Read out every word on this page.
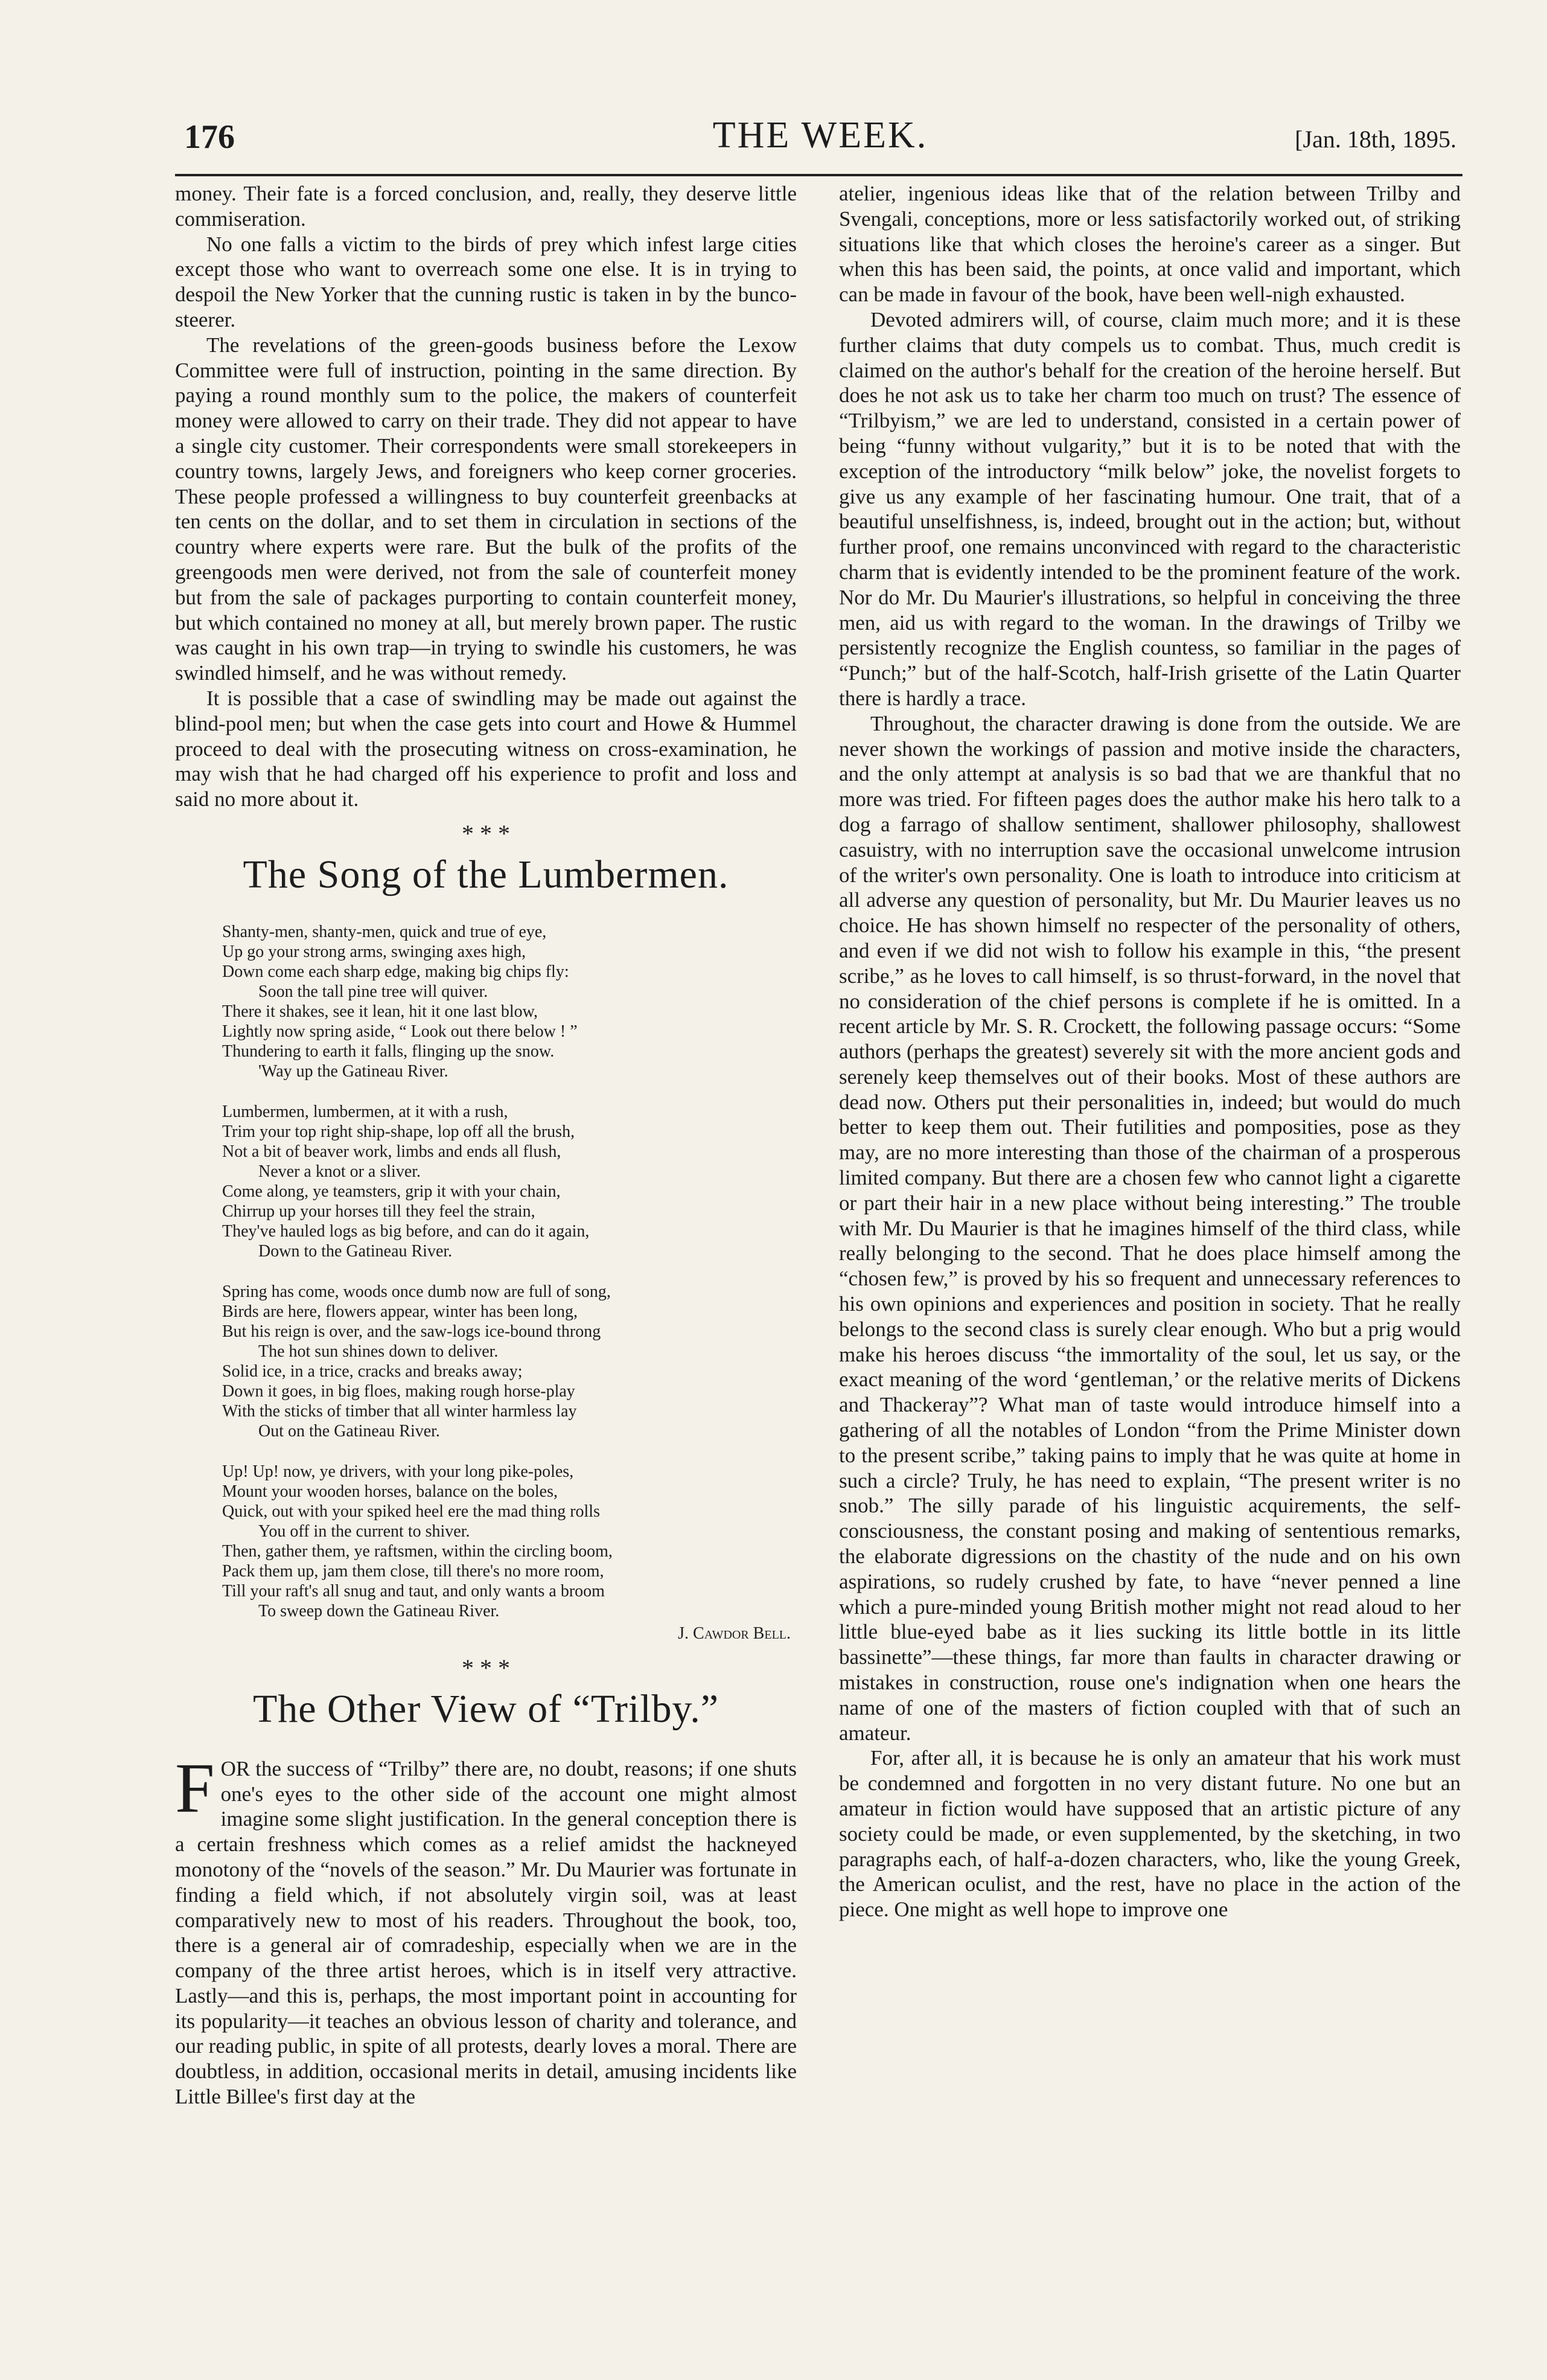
176	THE WEEK.	[Jan. 18th, 1895.

money. Their fate is a forced conclusion, and, really, they deserve little commiseration.

No one falls a victim to the birds of prey which infest large cities except those who want to overreach some one else. It is in trying to despoil the New Yorker that the cunning rustic is taken in by the bunco-steerer.

The revelations of the green-goods business before the Lexow Committee were full of instruction, pointing in the same direction. By paying a round monthly sum to the police, the makers of counterfeit money were allowed to carry on their trade. They did not appear to have a single city customer. Their correspondents were small storekeepers in country towns, largely Jews, and foreigners who keep corner groceries. These people professed a willingness to buy counterfeit greenbacks at ten cents on the dollar, and to set them in circulation in sections of the country where experts were rare. But the bulk of the profits of the greengoods men were derived, not from the sale of counterfeit money but from the sale of packages purporting to contain counterfeit money, but which contained no money at all, but merely brown paper. The rustic was caught in his own trap—in trying to swindle his customers, he was swindled himself, and he was without remedy.

It is possible that a case of swindling may be made out against the blind-pool men; but when the case gets into court and Howe & Hummel proceed to deal with the prosecuting witness on cross-examination, he may wish that he had charged off his experience to profit and loss and said no more about it.

* * *
The Song of the Lumbermen.
Shanty-men, shanty-men, quick and true of eye,
Up go your strong arms, swinging axes high,
Down come each sharp edge, making big chips fly:
Soon the tall pine tree will quiver.
There it shakes, see it lean, hit it one last blow,
Lightly now spring aside, “ Look out there below ! ”
Thundering to earth it falls, flinging up the snow.
'Way up the Gatineau River.
Lumbermen, lumbermen, at it with a rush,
Trim your top right ship-shape, lop off all the brush,
Not a bit of beaver work, limbs and ends all flush,
Never a knot or a sliver.
Come along, ye teamsters, grip it with your chain,
Chirrup up your horses till they feel the strain,
They've hauled logs as big before, and can do it again,
Down to the Gatineau River.
Spring has come, woods once dumb now are full of song,
Birds are here, flowers appear, winter has been long,
But his reign is over, and the saw-logs ice-bound throng
The hot sun shines down to deliver.
Solid ice, in a trice, cracks and breaks away;
Down it goes, in big floes, making rough horse-play
With the sticks of timber that all winter harmless lay
Out on the Gatineau River.
Up! Up! now, ye drivers, with your long pike-poles,
Mount your wooden horses, balance on the boles,
Quick, out with your spiked heel ere the mad thing rolls
You off in the current to shiver.
Then, gather them, ye raftsmen, within the circling boom,
Pack them up, jam them close, till there's no more room,
Till your raft's all snug and taut, and only wants a broom
To sweep down the Gatineau River.
J. Cawdor Bell.
* * *
The Other View of “Trilby.”

FOR the success of “Trilby” there are, no doubt, reasons; if one shuts one's eyes to the other side of the account one might almost imagine some slight justification. In the general conception there is a certain freshness which comes as a relief amidst the hackneyed monotony of the “novels of the season.” Mr. Du Maurier was fortunate in finding a field which, if not absolutely virgin soil, was at least comparatively new to most of his readers. Throughout the book, too, there is a general air of comradeship, especially when we are in the company of the three artist heroes, which is in itself very attractive. Lastly—and this is, perhaps, the most important point in accounting for its popularity—it teaches an obvious lesson of charity and tolerance, and our reading public, in spite of all protests, dearly loves a moral. There are doubtless, in addition, occasional merits in detail, amusing incidents like Little Billee's first day at the

atelier, ingenious ideas like that of the relation between Trilby and Svengali, conceptions, more or less satisfactorily worked out, of striking situations like that which closes the heroine's career as a singer. But when this has been said, the points, at once valid and important, which can be made in favour of the book, have been well-nigh exhausted.

Devoted admirers will, of course, claim much more; and it is these further claims that duty compels us to combat. Thus, much credit is claimed on the author's behalf for the creation of the heroine herself. But does he not ask us to take her charm too much on trust? The essence of “Trilbyism,” we are led to understand, consisted in a certain power of being “funny without vulgarity,” but it is to be noted that with the exception of the introductory “milk below” joke, the novelist forgets to give us any example of her fascinating humour. One trait, that of a beautiful unselfishness, is, indeed, brought out in the action; but, without further proof, one remains unconvinced with regard to the characteristic charm that is evidently intended to be the prominent feature of the work. Nor do Mr. Du Maurier's illustrations, so helpful in conceiving the three men, aid us with regard to the woman. In the drawings of Trilby we persistently recognize the English countess, so familiar in the pages of “Punch;” but of the half-Scotch, half-Irish grisette of the Latin Quarter there is hardly a trace.

Throughout, the character drawing is done from the outside. We are never shown the workings of passion and motive inside the characters, and the only attempt at analysis is so bad that we are thankful that no more was tried. For fifteen pages does the author make his hero talk to a dog a farrago of shallow sentiment, shallower philosophy, shallowest casuistry, with no interruption save the occasional unwelcome intrusion of the writer's own personality. One is loath to introduce into criticism at all adverse any question of personality, but Mr. Du Maurier leaves us no choice. He has shown himself no respecter of the personality of others, and even if we did not wish to follow his example in this, “the present scribe,” as he loves to call himself, is so thrust-forward, in the novel that no consideration of the chief persons is complete if he is omitted. In a recent article by Mr. S. R. Crockett, the following passage occurs: “Some authors (perhaps the greatest) severely sit with the more ancient gods and serenely keep themselves out of their books. Most of these authors are dead now. Others put their personalities in, indeed; but would do much better to keep them out. Their futilities and pomposities, pose as they may, are no more interesting than those of the chairman of a prosperous limited company. But there are a chosen few who cannot light a cigarette or part their hair in a new place without being interesting.” The trouble with Mr. Du Maurier is that he imagines himself of the third class, while really belonging to the second. That he does place himself among the “chosen few,” is proved by his so frequent and unnecessary references to his own opinions and experiences and position in society. That he really belongs to the second class is surely clear enough. Who but a prig would make his heroes discuss “the immortality of the soul, let us say, or the exact meaning of the word ‘gentleman,’ or the relative merits of Dickens and Thackeray”? What man of taste would introduce himself into a gathering of all the notables of London “from the Prime Minister down to the present scribe,” taking pains to imply that he was quite at home in such a circle? Truly, he has need to explain, “The present writer is no snob.” The silly parade of his linguistic acquirements, the self-consciousness, the constant posing and making of sententious remarks, the elaborate digressions on the chastity of the nude and on his own aspirations, so rudely crushed by fate, to have “never penned a line which a pure-minded young British mother might not read aloud to her little blue-eyed babe as it lies sucking its little bottle in its little bassinette”—these things, far more than faults in character drawing or mistakes in construction, rouse one's indignation when one hears the name of one of the masters of fiction coupled with that of such an amateur.

For, after all, it is because he is only an amateur that his work must be condemned and forgotten in no very distant future. No one but an amateur in fiction would have supposed that an artistic picture of any society could be made, or even supplemented, by the sketching, in two paragraphs each, of half-a-dozen characters, who, like the young Greek, the American oculist, and the rest, have no place in the action of the piece. One might as well hope to improve one
